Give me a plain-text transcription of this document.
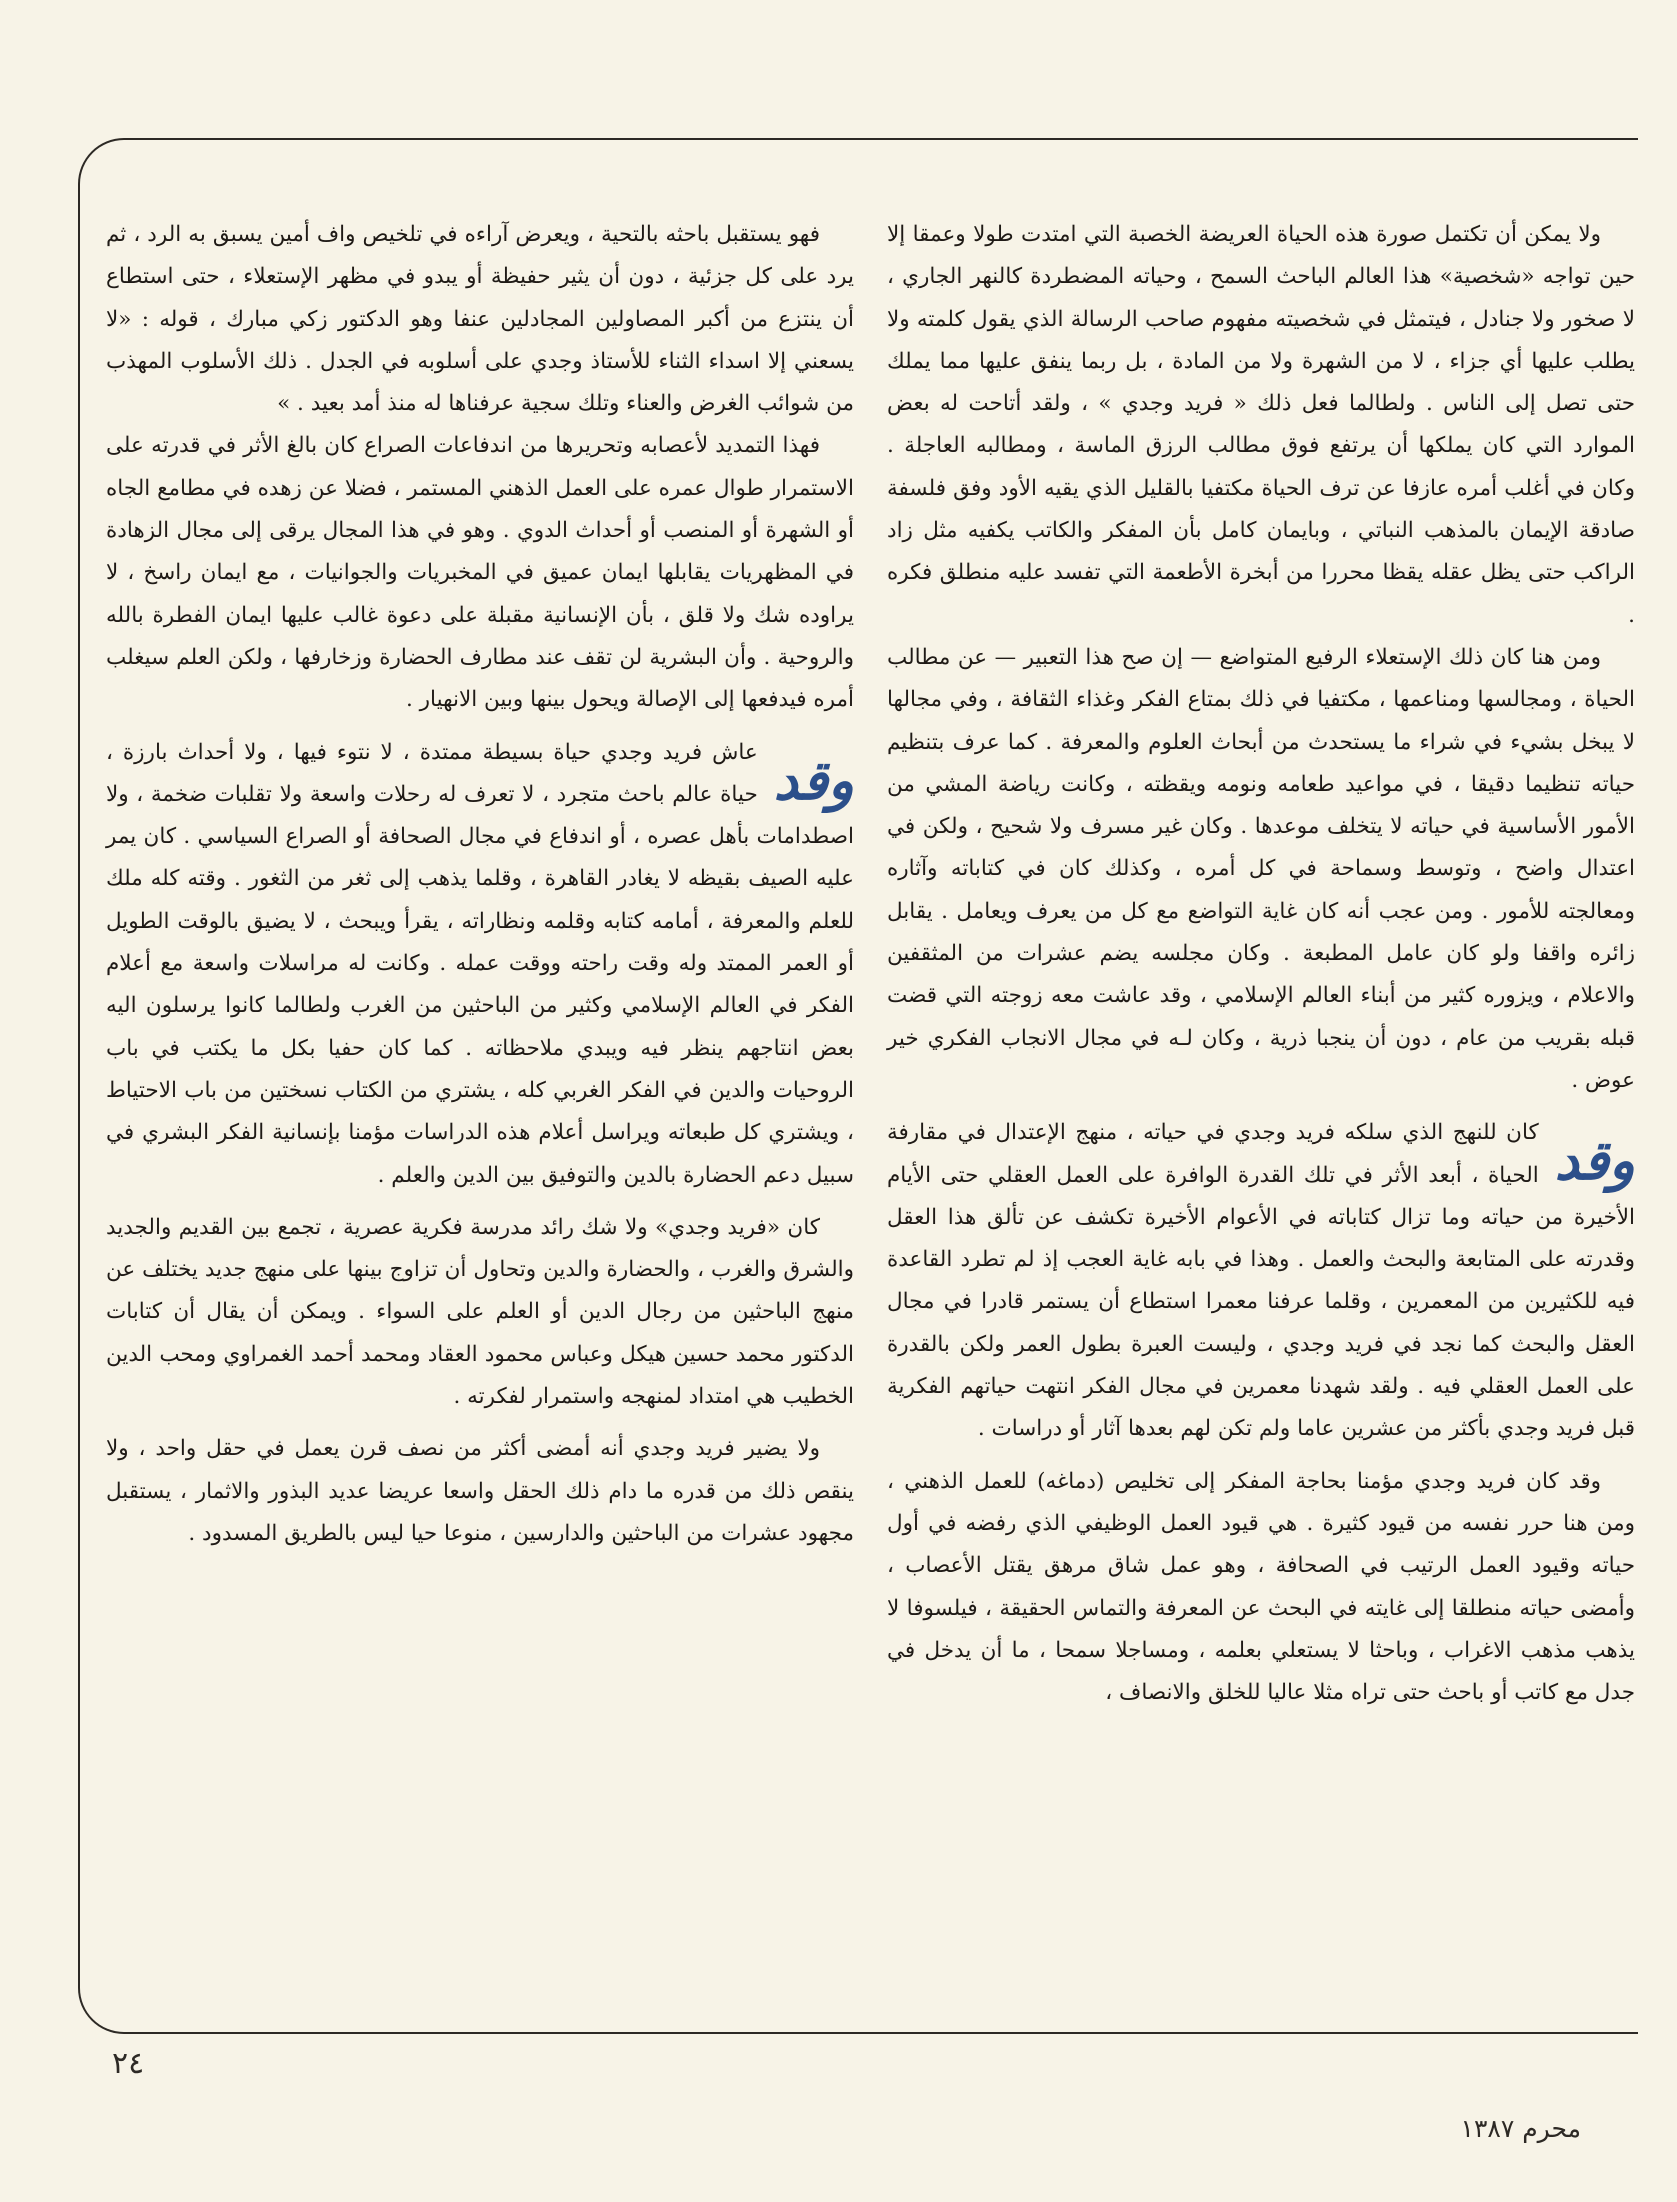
ولا يمكن أن تكتمل صورة هذه الحياة العريضة الخصبة التي امتدت طولا وعمقا إلا حين تواجه «شخصية» هذا العالم الباحث السمح ، وحياته المضطردة كالنهر الجاري ، لا صخور ولا جنادل ، فيتمثل في شخصيته مفهوم صاحب الرسالة الذي يقول كلمته ولا يطلب عليها أي جزاء ، لا من الشهرة ولا من المادة ، بل ربما ينفق عليها مما يملك حتى تصل إلى الناس . ولطالما فعل ذلك « فريد وجدي » ، ولقد أتاحت له بعض الموارد التي كان يملكها أن يرتفع فوق مطالب الرزق الماسة ، ومطالبه العاجلة . وكان في أغلب أمره عازفا عن ترف الحياة مكتفيا بالقليل الذي يقيه الأود وفق فلسفة صادقة الإيمان بالمذهب النباتي ، وبايمان كامل بأن المفكر والكاتب يكفيه مثل زاد الراكب حتى يظل عقله يقظا محررا من أبخرة الأطعمة التي تفسد عليه منطلق فكره .

ومن هنا كان ذلك الإستعلاء الرفيع المتواضع — إن صح هذا التعبير — عن مطالب الحياة ، ومجالسها ومناعمها ، مكتفيا في ذلك بمتاع الفكر وغذاء الثقافة ، وفي مجالها لا يبخل بشيء في شراء ما يستحدث من أبحاث العلوم والمعرفة . كما عرف بتنظيم حياته تنظيما دقيقا ، في مواعيد طعامه ونومه ويقظته ، وكانت رياضة المشي من الأمور الأساسية في حياته لا يتخلف موعدها . وكان غير مسرف ولا شحيح ، ولكن في اعتدال واضح ، وتوسط وسماحة في كل أمره ، وكذلك كان في كتاباته وآثاره ومعالجته للأمور . ومن عجب أنه كان غاية التواضع مع كل من يعرف ويعامل . يقابل زائره واقفا ولو كان عامل المطبعة . وكان مجلسه يضم عشرات من المثقفين والاعلام ، ويزوره كثير من أبناء العالم الإسلامي ، وقد عاشت معه زوجته التي قضت قبله بقريب من عام ، دون أن ينجبا ذرية ، وكان لـه في مجال الانجاب الفكري خير عوض .

وقد
كان للنهج الذي سلكه فريد وجدي في حياته ، منهج الإعتدال في مقارفة الحياة ، أبعد الأثر في تلك القدرة الوافرة على العمل العقلي حتى الأيام الأخيرة من حياته وما تزال كتاباته في الأعوام الأخيرة تكشف عن تألق هذا العقل وقدرته على المتابعة والبحث والعمل . وهذا في بابه غاية العجب إذ لم تطرد القاعدة فيه للكثيرين من المعمرين ، وقلما عرفنا معمرا استطاع أن يستمر قادرا في مجال العقل والبحث كما نجد في فريد وجدي ، وليست العبرة بطول العمر ولكن بالقدرة على العمل العقلي فيه . ولقد شهدنا معمرين في مجال الفكر انتهت حياتهم الفكرية قبل فريد وجدي بأكثر من عشرين عاما ولم تكن لهم بعدها آثار أو دراسات .

وقد كان فريد وجدي مؤمنا بحاجة المفكر إلى تخليص (دماغه) للعمل الذهني ، ومن هنا حرر نفسه من قيود كثيرة . هي قيود العمل الوظيفي الذي رفضه في أول حياته وقيود العمل الرتيب في الصحافة ، وهو عمل شاق مرهق يقتل الأعصاب ، وأمضى حياته منطلقا إلى غايته في البحث عن المعرفة والتماس الحقيقة ، فيلسوفا لا يذهب مذهب الاغراب ، وباحثا لا يستعلي بعلمه ، ومساجلا سمحا ، ما أن يدخل في جدل مع كاتب أو باحث حتى تراه مثلا عاليا للخلق والانصاف ،

فهو يستقبل باحثه بالتحية ، ويعرض آراءه في تلخيص واف أمين يسبق به الرد ، ثم يرد على كل جزئية ، دون أن يثير حفيظة أو يبدو في مظهر الإستعلاء ، حتى استطاع أن ينتزع من أكبر المصاولين المجادلين عنفا وهو الدكتور زكي مبارك ، قوله : «لا يسعني إلا اسداء الثناء للأستاذ وجدي على أسلوبه في الجدل . ذلك الأسلوب المهذب من شوائب الغرض والعناء وتلك سجية عرفناها له منذ أمد بعيد . »

فهذا التمديد لأعصابه وتحريرها من اندفاعات الصراع كان بالغ الأثر في قدرته على الاستمرار طوال عمره على العمل الذهني المستمر ، فضلا عن زهده في مطامع الجاه أو الشهرة أو المنصب أو أحداث الدوي . وهو في هذا المجال يرقى إلى مجال الزهادة في المظهريات يقابلها ايمان عميق في المخبريات والجوانيات ، مع ايمان راسخ ، لا يراوده شك ولا قلق ، بأن الإنسانية مقبلة على دعوة غالب عليها ايمان الفطرة بالله والروحية . وأن البشرية لن تقف عند مطارف الحضارة وزخارفها ، ولكن العلم سيغلب أمره فيدفعها إلى الإصالة ويحول بينها وبين الانهيار .

وقد
عاش فريد وجدي حياة بسيطة ممتدة ، لا نتوء فيها ، ولا أحداث بارزة ، حياة عالم باحث متجرد ، لا تعرف له رحلات واسعة ولا تقلبات ضخمة ، ولا اصطدامات بأهل عصره ، أو اندفاع في مجال الصحافة أو الصراع السياسي . كان يمر عليه الصيف بقيظه لا يغادر القاهرة ، وقلما يذهب إلى ثغر من الثغور . وقته كله ملك للعلم والمعرفة ، أمامه كتابه وقلمه ونظاراته ، يقرأ ويبحث ، لا يضيق بالوقت الطويل أو العمر الممتد وله وقت راحته ووقت عمله . وكانت له مراسلات واسعة مع أعلام الفكر في العالم الإسلامي وكثير من الباحثين من الغرب ولطالما كانوا يرسلون اليه بعض انتاجهم ينظر فيه ويبدي ملاحظاته . كما كان حفيا بكل ما يكتب في باب الروحيات والدين في الفكر الغربي كله ، يشتري من الكتاب نسختين من باب الاحتياط ، ويشتري كل طبعاته ويراسل أعلام هذه الدراسات مؤمنا بإنسانية الفكر البشري في سبيل دعم الحضارة بالدين والتوفيق بين الدين والعلم .

كان «فريد وجدي» ولا شك رائد مدرسة فكرية عصرية ، تجمع بين القديم والجديد والشرق والغرب ، والحضارة والدين وتحاول أن تزاوج بينها على منهج جديد يختلف عن منهج الباحثين من رجال الدين أو العلم على السواء . ويمكن أن يقال أن كتابات الدكتور محمد حسين هيكل وعباس محمود العقاد ومحمد أحمد الغمراوي ومحب الدين الخطيب هي امتداد لمنهجه واستمرار لفكرته .

ولا يضير فريد وجدي أنه أمضى أكثر من نصف قرن يعمل في حقل واحد ، ولا ينقص ذلك من قدره ما دام ذلك الحقل واسعا عريضا عديد البذور والاثمار ، يستقبل مجهود عشرات من الباحثين والدارسين ، منوعا حيا ليس بالطريق المسدود .

٢٤
محرم ١٣٨٧
